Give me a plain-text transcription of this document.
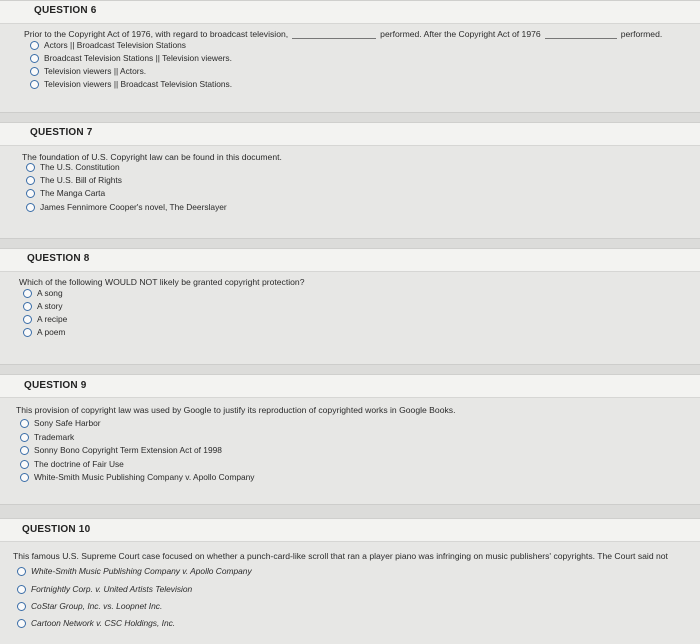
QUESTION 6
Prior to the Copyright Act of 1976, with regard to broadcast television,	performed. After the Copyright Act of 1976	performed.
Actors || Broadcast Television Stations
Broadcast Television Stations || Television viewers.
Television viewers || Actors.
Television viewers || Broadcast Television Stations.
QUESTION 7
The foundation of U.S. Copyright law can be found in this document.
The U.S. Constitution
The U.S. Bill of Rights
The Manga Carta
James Fennimore Cooper's novel, The Deerslayer
QUESTION 8
Which of the following WOULD NOT likely be granted copyright protection?
A song
A story
A recipe
A poem
QUESTION 9
This provision of copyright law was used by Google to justify its reproduction of copyrighted works in Google Books.
Sony Safe Harbor
Trademark
Sonny Bono Copyright Term Extension Act of 1998
The doctrine of Fair Use
White-Smith Music Publishing Company v. Apollo Company
QUESTION 10
This famous U.S. Supreme Court case focused on whether a punch-card-like scroll that ran a player piano was infringing on music publishers' copyrights. The Court said not
White-Smith Music Publishing Company v. Apollo Company
Fortnightly Corp. v. United Artists Television
CoStar Group, Inc. vs. Loopnet Inc.
Cartoon Network v. CSC Holdings, Inc.
